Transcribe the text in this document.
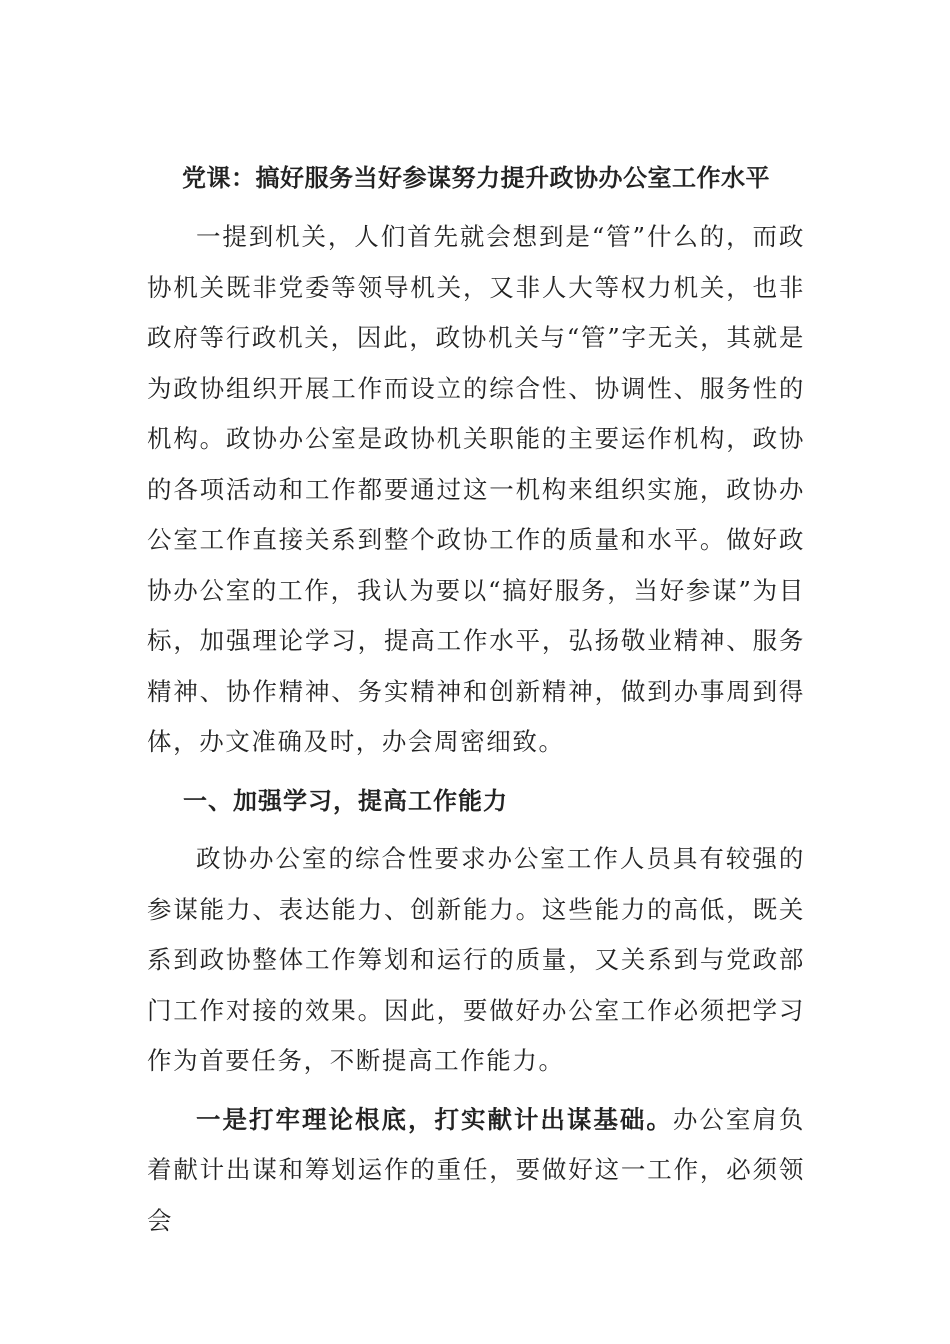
党课：搞好服务当好参谋努力提升政协办公室工作水平

一提到机关，人们首先就会想到是“管”什么的，而政协机关既非党委等领导机关，又非人大等权力机关，也非政府等行政机关，因此，政协机关与“管”字无关，其就是为政协组织开展工作而设立的综合性、协调性、服务性的机构。政协办公室是政协机关职能的主要运作机构，政协的各项活动和工作都要通过这一机构来组织实施，政协办公室工作直接关系到整个政协工作的质量和水平。做好政协办公室的工作，我认为要以“搞好服务，当好参谋”为目标，加强理论学习，提高工作水平，弘扬敬业精神、服务精神、协作精神、务实精神和创新精神，做到办事周到得体，办文准确及时，办会周密细致。

一、加强学习，提高工作能力

政协办公室的综合性要求办公室工作人员具有较强的参谋能力、表达能力、创新能力。这些能力的高低，既关系到政协整体工作筹划和运行的质量，又关系到与党政部门工作对接的效果。因此，要做好办公室工作必须把学习作为首要任务，不断提高工作能力。

一是打牢理论根底，打实献计出谋基础。办公室肩负着献计出谋和筹划运作的重任，要做好这一工作，必须领会
